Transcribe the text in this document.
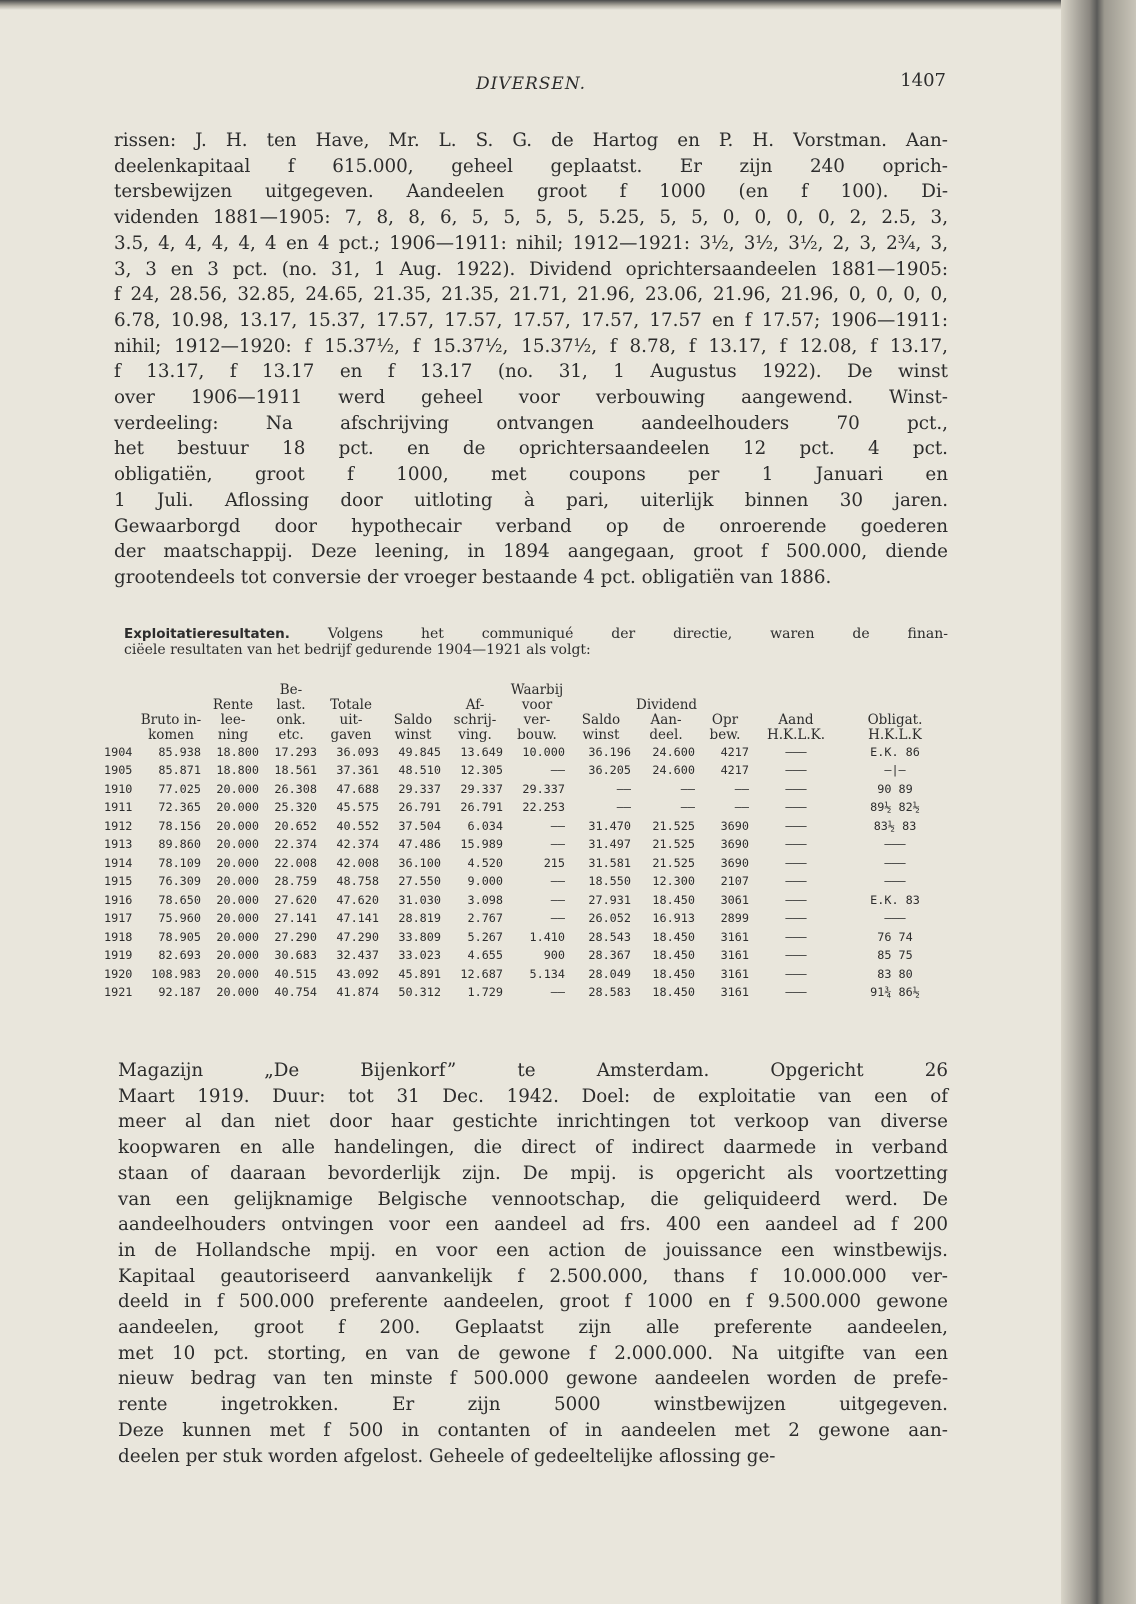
DIVERSEN.	1407
rissen: J. H. ten Have, Mr. L. S. G. de Hartog en P. H. Vorstman. Aan-
deelenkapitaal f 615.000, geheel geplaatst. Er zijn 240 oprich-
tersbewijzen uitgegeven. Aandeelen groot f 1000 (en f 100). Di-
videnden 1881—1905: 7, 8, 8, 6, 5, 5, 5, 5, 5.25, 5, 5, 0, 0, 0, 0, 2, 2.5, 3,
3.5, 4, 4, 4, 4, 4 en 4 pct.; 1906—1911: nihil; 1912—1921: 3½, 3½, 3½, 2, 3, 2¾, 3,
3, 3 en 3 pct. (no. 31, 1 Aug. 1922). Dividend oprichtersaandeelen 1881—1905:
f 24, 28.56, 32.85, 24.65, 21.35, 21.35, 21.71, 21.96, 23.06, 21.96, 21.96, 0, 0, 0, 0,
6.78, 10.98, 13.17, 15.37, 17.57, 17.57, 17.57, 17.57, 17.57 en f 17.57; 1906—1911:
nihil; 1912—1920: f 15.37½, f 15.37½, 15.37½, f 8.78, f 13.17, f 12.08, f 13.17,
f 13.17, f 13.17 en f 13.17 (no. 31, 1 Augustus 1922). De winst
over 1906—1911 werd geheel voor verbouwing aangewend. Winst-
verdeeling: Na afschrijving ontvangen aandeelhouders 70 pct.,
het bestuur 18 pct. en de oprichtersaandeelen 12 pct. 4 pct.
obligatiën, groot f 1000, met coupons per 1 Januari en
1 Juli. Aflossing door uitloting à pari, uiterlijk binnen 30 jaren.
Gewaarborgd door hypothecair verband op de onroerende goederen
der maatschappij. Deze leening, in 1894 aangegaan, groot f 500.000, diende
grootendeels tot conversie der vroeger bestaande 4 pct. obligatiën van 1886.
Exploitatieresultaten. Volgens het communiqué der directie, waren de finan-
ciëele resultaten van het bedrijf gedurende 1904—1921 als volgt:
	Bruto in- komen	Rente lee- ning	Be- last. onk. etc.	Totale uit- gaven	Saldo winst	Af- schrij- ving.	Waarbij voor ver- bouw.	Saldo winst	Dividend Aan- deel.	Opr bew.	Aand H.K.L.K.	Obligat. H.K.L.K
1904	85.938	18.800	17.293	36.093	49.845	13.649	10.000	36.196	24.600	4217	———	E.K. 86
1905	85.871	18.800	18.561	37.361	48.510	12.305	——	36.205	24.600	4217	———	—|—
1910	77.025	20.000	26.308	47.688	29.337	29.337	29.337	——	——	——	———	90 89
1911	72.365	20.000	25.320	45.575	26.791	26.791	22.253	——	——	——	———	89½ 82½
1912	78.156	20.000	20.652	40.552	37.504	6.034	——	31.470	21.525	3690	———	83½ 83
1913	89.860	20.000	22.374	42.374	47.486	15.989	——	31.497	21.525	3690	———	———
1914	78.109	20.000	22.008	42.008	36.100	4.520	215	31.581	21.525	3690	———	———
1915	76.309	20.000	28.759	48.758	27.550	9.000	——	18.550	12.300	2107	———	———
1916	78.650	20.000	27.620	47.620	31.030	3.098	——	27.931	18.450	3061	———	E.K. 83
1917	75.960	20.000	27.141	47.141	28.819	2.767	——	26.052	16.913	2899	———	———
1918	78.905	20.000	27.290	47.290	33.809	5.267	1.410	28.543	18.450	3161	———	76 74
1919	82.693	20.000	30.683	32.437	33.023	4.655	900	28.367	18.450	3161	———	85 75
1920	108.983	20.000	40.515	43.092	45.891	12.687	5.134	28.049	18.450	3161	———	83 80
1921	92.187	20.000	40.754	41.874	50.312	1.729	——	28.583	18.450	3161	———	91¾ 86½
Magazijn „De Bijenkorf” te Amsterdam. Opgericht 26
Maart 1919. Duur: tot 31 Dec. 1942. Doel: de exploitatie van een of
meer al dan niet door haar gestichte inrichtingen tot verkoop van diverse
koopwaren en alle handelingen, die direct of indirect daarmede in verband
staan of daaraan bevorderlijk zijn. De mpij. is opgericht als voortzetting
van een gelijknamige Belgische vennootschap, die geliquideerd werd. De
aandeelhouders ontvingen voor een aandeel ad frs. 400 een aandeel ad f 200
in de Hollandsche mpij. en voor een action de jouissance een winstbewijs.
Kapitaal geautoriseerd aanvankelijk f 2.500.000, thans f 10.000.000 ver-
deeld in f 500.000 preferente aandeelen, groot f 1000 en f 9.500.000 gewone
aandeelen, groot f 200. Geplaatst zijn alle preferente aandeelen,
met 10 pct. storting, en van de gewone f 2.000.000. Na uitgifte van een
nieuw bedrag van ten minste f 500.000 gewone aandeelen worden de prefe-
rente ingetrokken. Er zijn 5000 winstbewijzen uitgegeven.
Deze kunnen met f 500 in contanten of in aandeelen met 2 gewone aan-
deelen per stuk worden afgelost. Geheele of gedeeltelijke aflossing ge-
